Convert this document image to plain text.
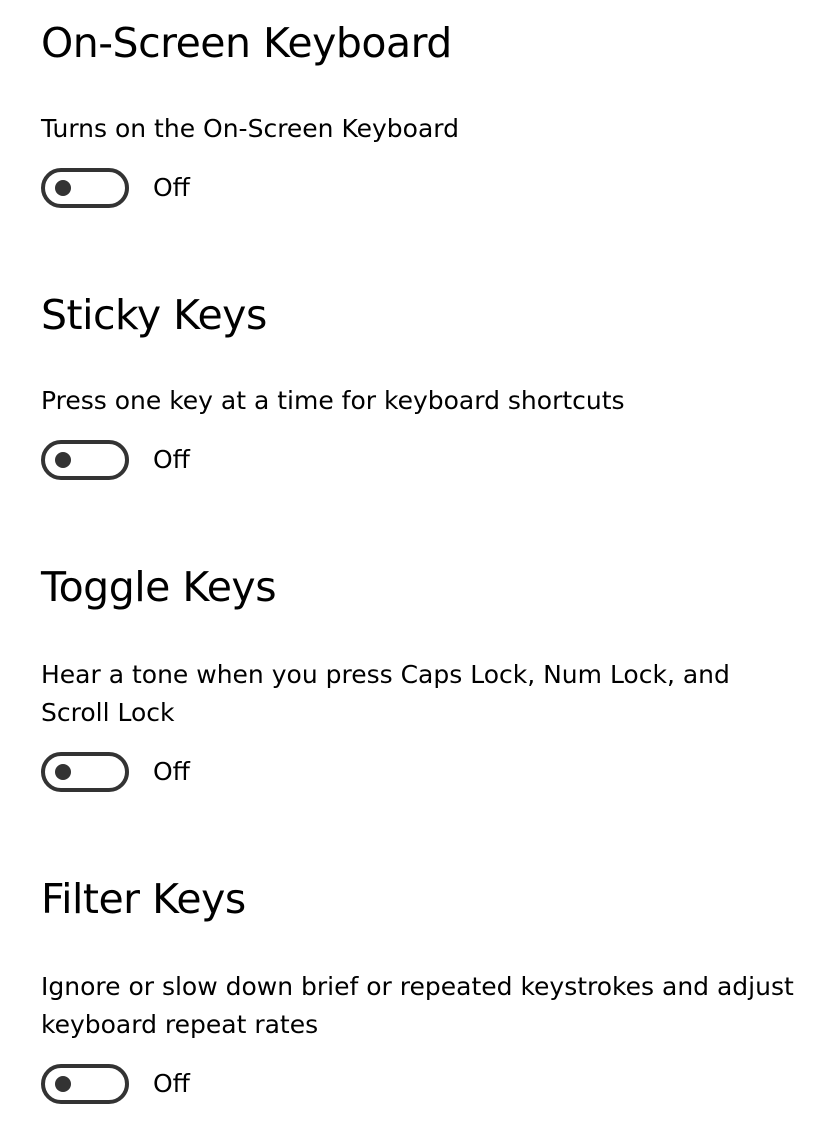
On-Screen Keyboard

Turns on the On-Screen Keyboard

Off
Sticky Keys

Press one key at a time for keyboard shortcuts

Off
Toggle Keys

Hear a tone when you press Caps Lock, Num Lock, and Scroll Lock

Off
Filter Keys

Ignore or slow down brief or repeated keystrokes and adjust keyboard repeat rates

Off
